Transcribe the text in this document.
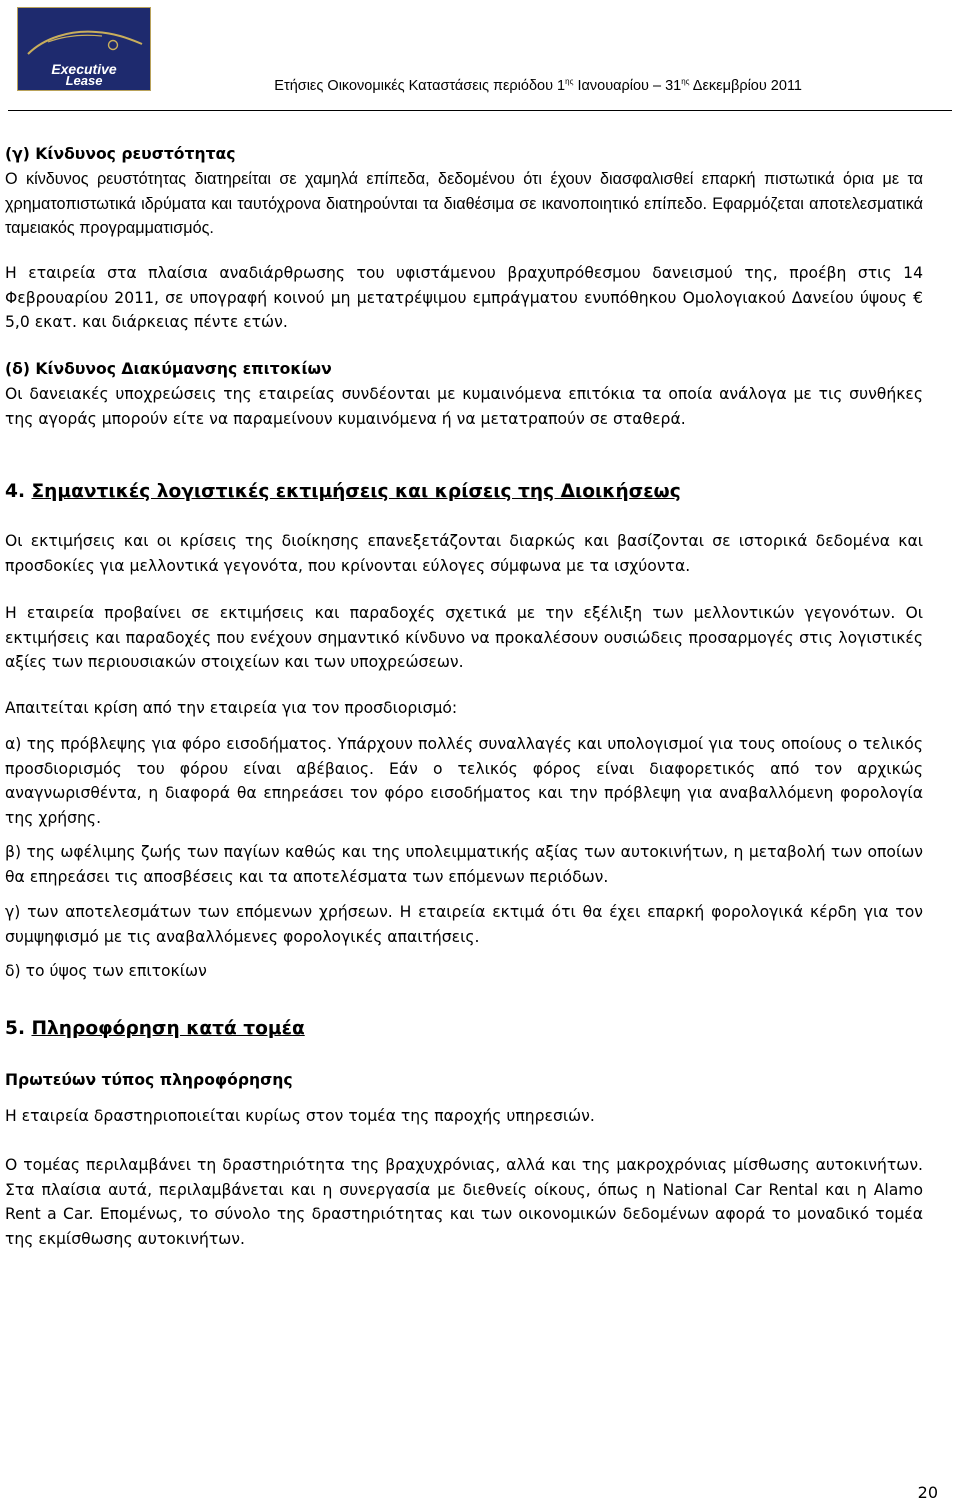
Executive
Lease	Ετήσιες Οικονομικές Καταστάσεις περιόδου $1^{\eta\varsigma}$ Ιανουαρίου – $31^{\eta\varsigma}$ Δεκεμβρίου 2011
(γ) Κίνδυνος ρευστότητας
Ο κίνδυνος ρευστότητας διατηρείται σε χαμηλά επίπεδα, δεδομένου ότι έχουν διασφαλισθεί επαρκή πιστωτικά όρια με τα χρηματοπιστωτικά ιδρύματα και ταυτόχρονα διατηρούνται τα διαθέσιμα σε ικανοποιητικό επίπεδο. Εφαρμόζεται αποτελεσματικά ταμειακός προγραμματισμός.
Η εταιρεία στα πλαίσια αναδιάρθρωσης του υφιστάμενου βραχυπρόθεσμου δανεισμού της, προέβη στις 14 Φεβρουαρίου 2011, σε υπογραφή κοινού μη μετατρέψιμου εμπράγματου ενυπόθηκου Ομολογιακού Δανείου ύψους € 5,0 εκατ. και διάρκειας πέντε ετών.
(δ) Κίνδυνος Διακύμανσης επιτοκίων
Οι δανειακές υποχρεώσεις της εταιρείας συνδέονται με κυμαινόμενα επιτόκια τα οποία ανάλογα με τις συνθήκες της αγοράς μπορούν είτε να παραμείνουν κυμαινόμενα ή να μετατραπούν σε σταθερά.
4. Σημαντικές λογιστικές εκτιμήσεις και κρίσεις της Διοικήσεως
Οι εκτιμήσεις και οι κρίσεις της διοίκησης επανεξετάζονται διαρκώς και βασίζονται σε ιστορικά δεδομένα και προσδοκίες για μελλοντικά γεγονότα, που κρίνονται εύλογες σύμφωνα με τα ισχύοντα.
Η εταιρεία προβαίνει σε εκτιμήσεις και παραδοχές σχετικά με την εξέλιξη των μελλοντικών γεγονότων. Οι εκτιμήσεις και παραδοχές που ενέχουν σημαντικό κίνδυνο να προκαλέσουν ουσιώδεις προσαρμογές στις λογιστικές αξίες των περιουσιακών στοιχείων και των υποχρεώσεων.
Απαιτείται κρίση από την εταιρεία για τον προσδιορισμό:
α) της πρόβλεψης για φόρο εισοδήματος. Υπάρχουν πολλές συναλλαγές και υπολογισμοί για τους οποίους ο τελικός προσδιορισμός του φόρου είναι αβέβαιος. Εάν ο τελικός φόρος είναι διαφορετικός από τον αρχικώς αναγνωρισθέντα, η διαφορά θα επηρεάσει τον φόρο εισοδήματος και την πρόβλεψη για αναβαλλόμενη φορολογία της χρήσης.
β) της ωφέλιμης ζωής των παγίων καθώς και της υπολειμματικής αξίας των αυτοκινήτων, η μεταβολή των οποίων θα επηρεάσει τις αποσβέσεις και τα αποτελέσματα των επόμενων περιόδων.
γ) των αποτελεσμάτων των επόμενων χρήσεων. Η εταιρεία εκτιμά ότι θα έχει επαρκή φορολογικά κέρδη για τον συμψηφισμό με τις αναβαλλόμενες φορολογικές απαιτήσεις.
δ) το ύψος των επιτοκίων
5. Πληροφόρηση κατά τομέα
Πρωτεύων τύπος πληροφόρησης
Η εταιρεία δραστηριοποιείται κυρίως στον τομέα της παροχής υπηρεσιών.
Ο τομέας περιλαμβάνει τη δραστηριότητα της βραχυχρόνιας, αλλά και της μακροχρόνιας μίσθωσης αυτοκινήτων. Στα πλαίσια αυτά, περιλαμβάνεται και η συνεργασία με διεθνείς οίκους, όπως η National Car Rental και η Alamo Rent a Car. Επομένως, το σύνολο της δραστηριότητας και των οικονομικών δεδομένων αφορά το μοναδικό τομέα της εκμίσθωσης αυτοκινήτων.
20
